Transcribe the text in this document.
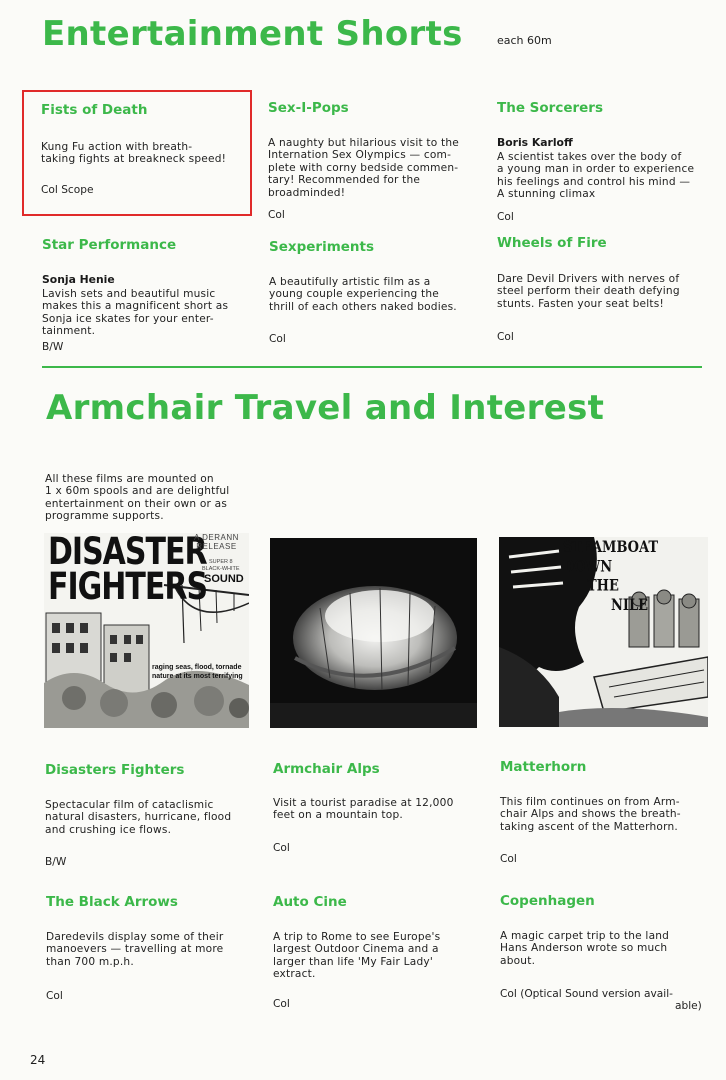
Entertainment Shorts	each 60m
Fists of Death
Kung Fu action with breath-
taking fights at breakneck speed!
Col Scope
Sex-I-Pops
A naughty but hilarious visit to the
Internation Sex Olympics — com-
plete with corny bedside commen-
tary! Recommended for the
broadminded!
Col
The Sorcerers
Boris Karloff
A scientist takes over the body of
a young man in order to experience
his feelings and control his mind —
A stunning climax
Col
Star Performance
Sonja Henie
Lavish sets and beautiful music
makes this a magnificent short as
Sonja ice skates for your enter-
tainment.
B/W
Sexperiments
A beautifully artistic film as a
young couple experiencing the
thrill of each others naked bodies.
Col
Wheels of Fire
Dare Devil Drivers with nerves of
steel perform their death defying
stunts. Fasten your seat belts!
Col
Armchair Travel and Interest
All these films are mounted on
1 x 60m spools and are delightful
entertainment on their own or as
programme supports.
DISASTER
FIGHTERS
A DERANN
RELEASE
SUPER 8
BLACK-WHITE
SOUND
raging seas, flood, tornade
nature at its most terrifying
STEAMBOAT DOWN
THE
NILE
Disasters Fighters
Spectacular film of cataclismic
natural disasters, hurricane, flood
and crushing ice flows.
B/W
Armchair Alps
Visit a tourist paradise at 12,000
feet on a mountain top.
Col
Matterhorn
This film continues on from Arm-
chair Alps and shows the breath-
taking ascent of the Matterhorn.
Col
The Black Arrows
Daredevils display some of their
manoevers — travelling at more
than 700 m.p.h.
Col
Auto Cine
A trip to Rome to see Europe's
largest Outdoor Cinema and a
larger than life 'My Fair Lady'
extract.
Col
Copenhagen
A magic carpet trip to the land
Hans Anderson wrote so much
about.
Col (Optical Sound version avail-
able)
24
